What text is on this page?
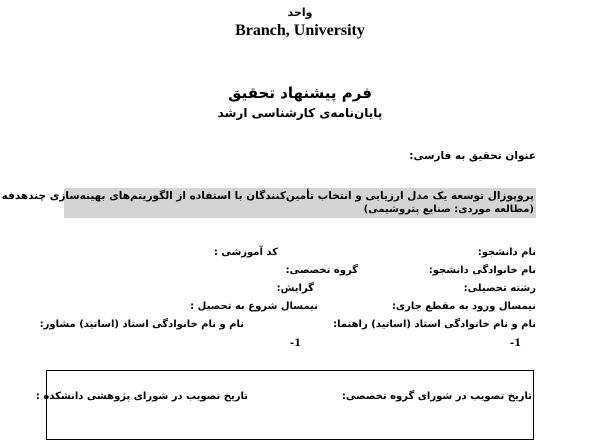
واحد
Branch, University
فرم پیشنهاد تحقیق
پایان‌نامه‌ی کارشناسی ارشد
عنوان تحقیق به فارسی:
پروپوزال توسعه یک مدل ارزیابی و انتخاب تأمین‌کنندگان با استفاده از الگوریتم‌های بهینه‌سازی چندهدفه
(مطالعه موردی: صنایع پتروشیمی)
نام دانشجو:
کد آموزشی :
نام خانوادگی دانشجو:
گروه تخصصی:
رشته تحصیلی:
گرایش:
نیمسال ورود به مقطع جاری:
نیمسال شروع به تحصیل :
نام و نام خانوادگی استاد (اساتید) راهنما:
نام و نام خانوادگی استاد (اساتید) مشاور:
-1
-1
تاریخ تصویب در شورای گروه تخصصی:
تاریخ تصویب در شورای پژوهشی دانشکده :
